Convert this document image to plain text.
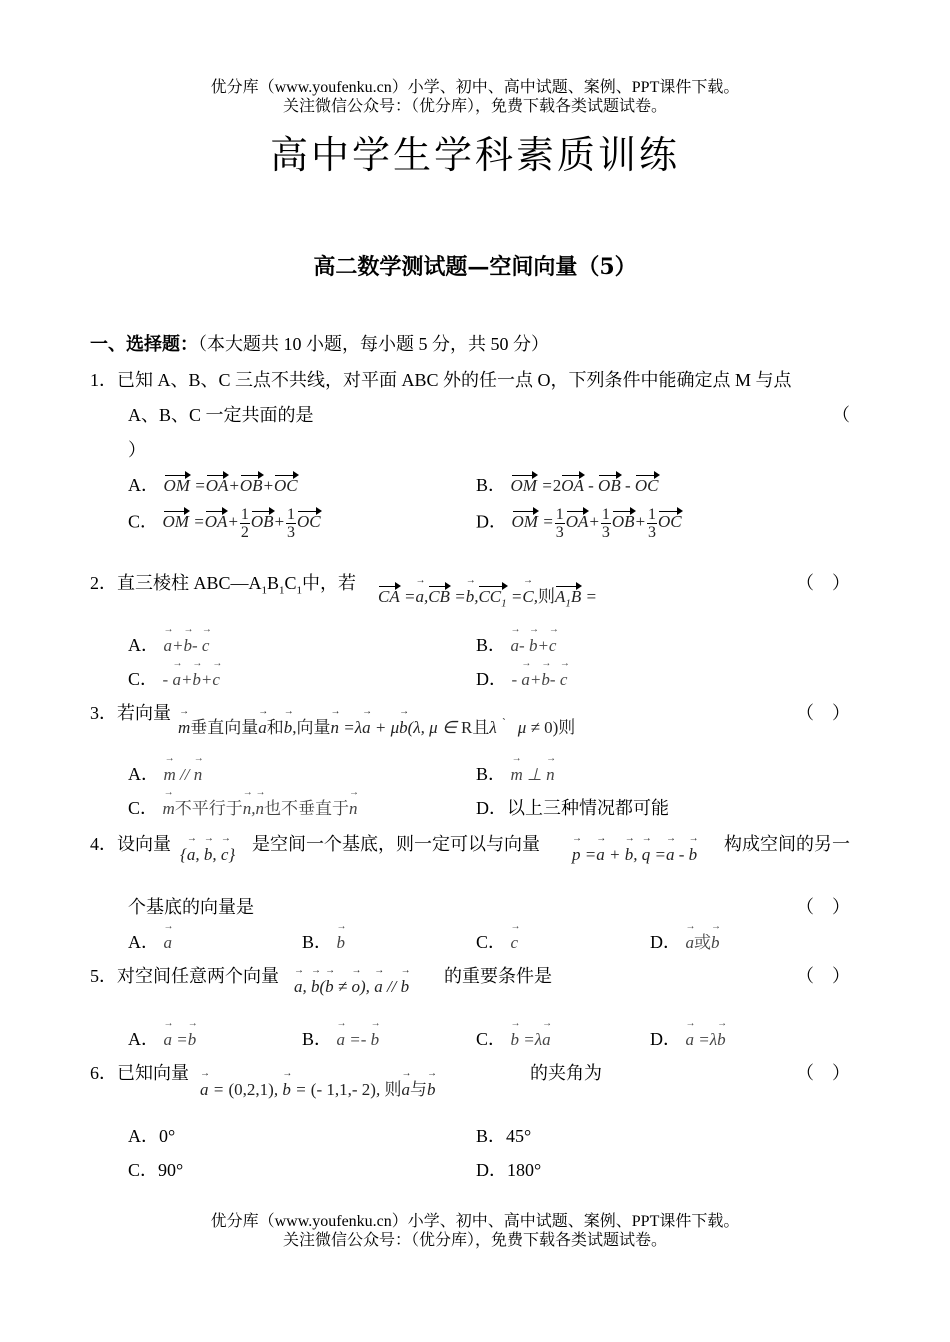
优分库（www.youfenku.cn）小学、初中、高中试题、案例、PPT课件下载。
关注微信公众号：（优分库），免费下载各类试题试卷。
高中学生学科素质训练
高二数学测试题—空间向量（5）
一、选择题：（本大题共 10 小题，每小题 5 分，共 50 分）
1．已知 A、B、C 三点不共线，对平面 ABC 外的任一点 O，下列条件中能确定点 M 与点
A、B、C 一定共面的是	（
）
A． OM =OA+OB+OC	B． OM =2OA - OB - OC
C． OM $=OA+ \frac{1}{2} OB+ \frac{1}{3}$ OC	D． OM = $\frac{1}{3} OA+ \frac{1}{3} OB+ \frac{1}{3}$ OC
2．直三棱柱 $ABC—A_1B_1C_1$中，若
CA =→ $a,CB =\to b,CC_1 =\to C$,则$A_1B$ =
（　）
A． → a+→ b- → c	B． → a- → b+→ c
C． - → a+→ b+→ c	D． - → a+→ b- → c
3．若向量
→ m垂直向量→ a和→ b,向量→ n =λ→ a + μ→ b(λ, μ ∈ R且λ `   μ ≠ 0)则
（　）
A． → m // → n	B． → m ⊥ → n
C． → m不平行于→ n,→ n也不垂直于→ n	D．以上三种情况都可能
4．设向量
{→ a, → b, → c}
是空间一个基底，则一定可以与向量
→ p =→ a + → b, → q =→ a - → b
构成空间的另一
个基底的向量是	（　）
A． → a	B． → b	C． → c	D． → a或→ b
5．对空间任意两个向量
→ a, → b(→ b ≠ → o), → a // → b
的重要条件是	（　）
A． → a =→ b	B． → a =- → b	C． → b =λ→ a	D． → a =λ→ b
6．已知向量
→ a = (0,2,1), → b = (- 1,1,- 2), 则→ a与→ b
的夹角为	（　）
A．0°	B．45°
C．90°	D．180°
优分库（www.youfenku.cn）小学、初中、高中试题、案例、PPT课件下载。
关注微信公众号：（优分库），免费下载各类试题试卷。
